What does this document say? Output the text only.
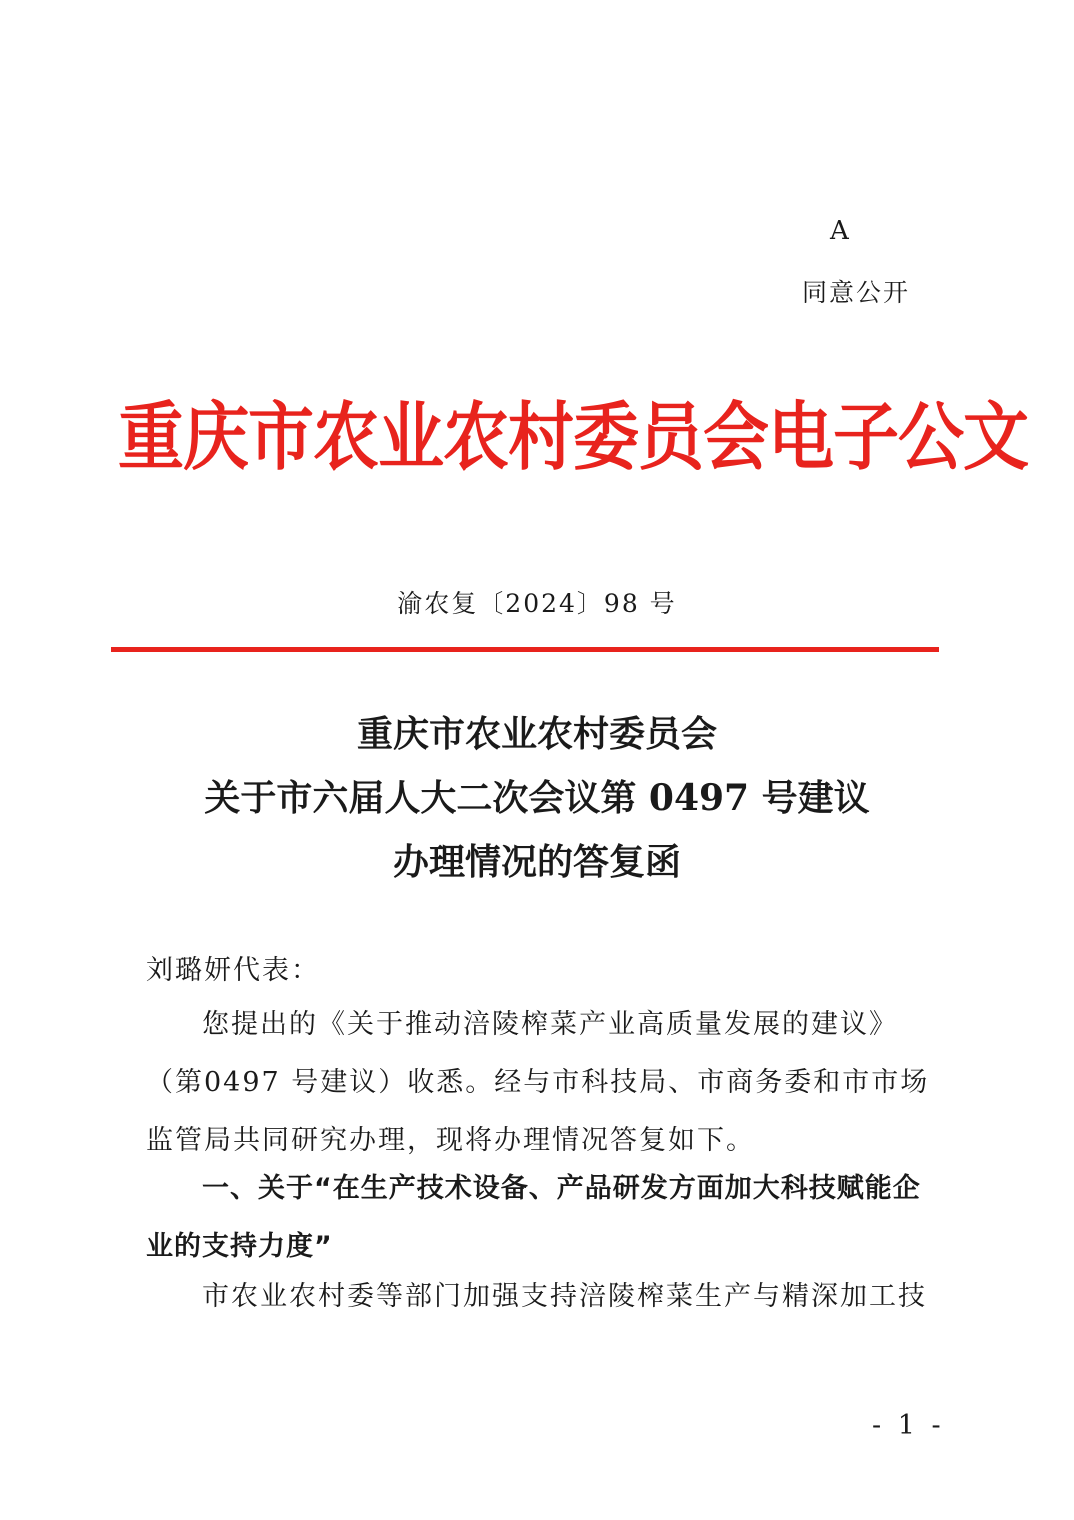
A
同意公开
重庆市农业农村委员会电子公文
渝农复〔2024〕98 号
重庆市农业农村委员会
关于市六届人大二次会议第 0497 号建议
办理情况的答复函
刘璐妍代表：
您提出的《关于推动涪陵榨菜产业高质量发展的建议》（第0497 号建议）收悉。经与市科技局、市商务委和市市场监管局共同研究办理，现将办理情况答复如下。
一、关于“在生产技术设备、产品研发方面加大科技赋能企业的支持力度”
市农业农村委等部门加强支持涪陵榨菜生产与精深加工技
- 1 -
